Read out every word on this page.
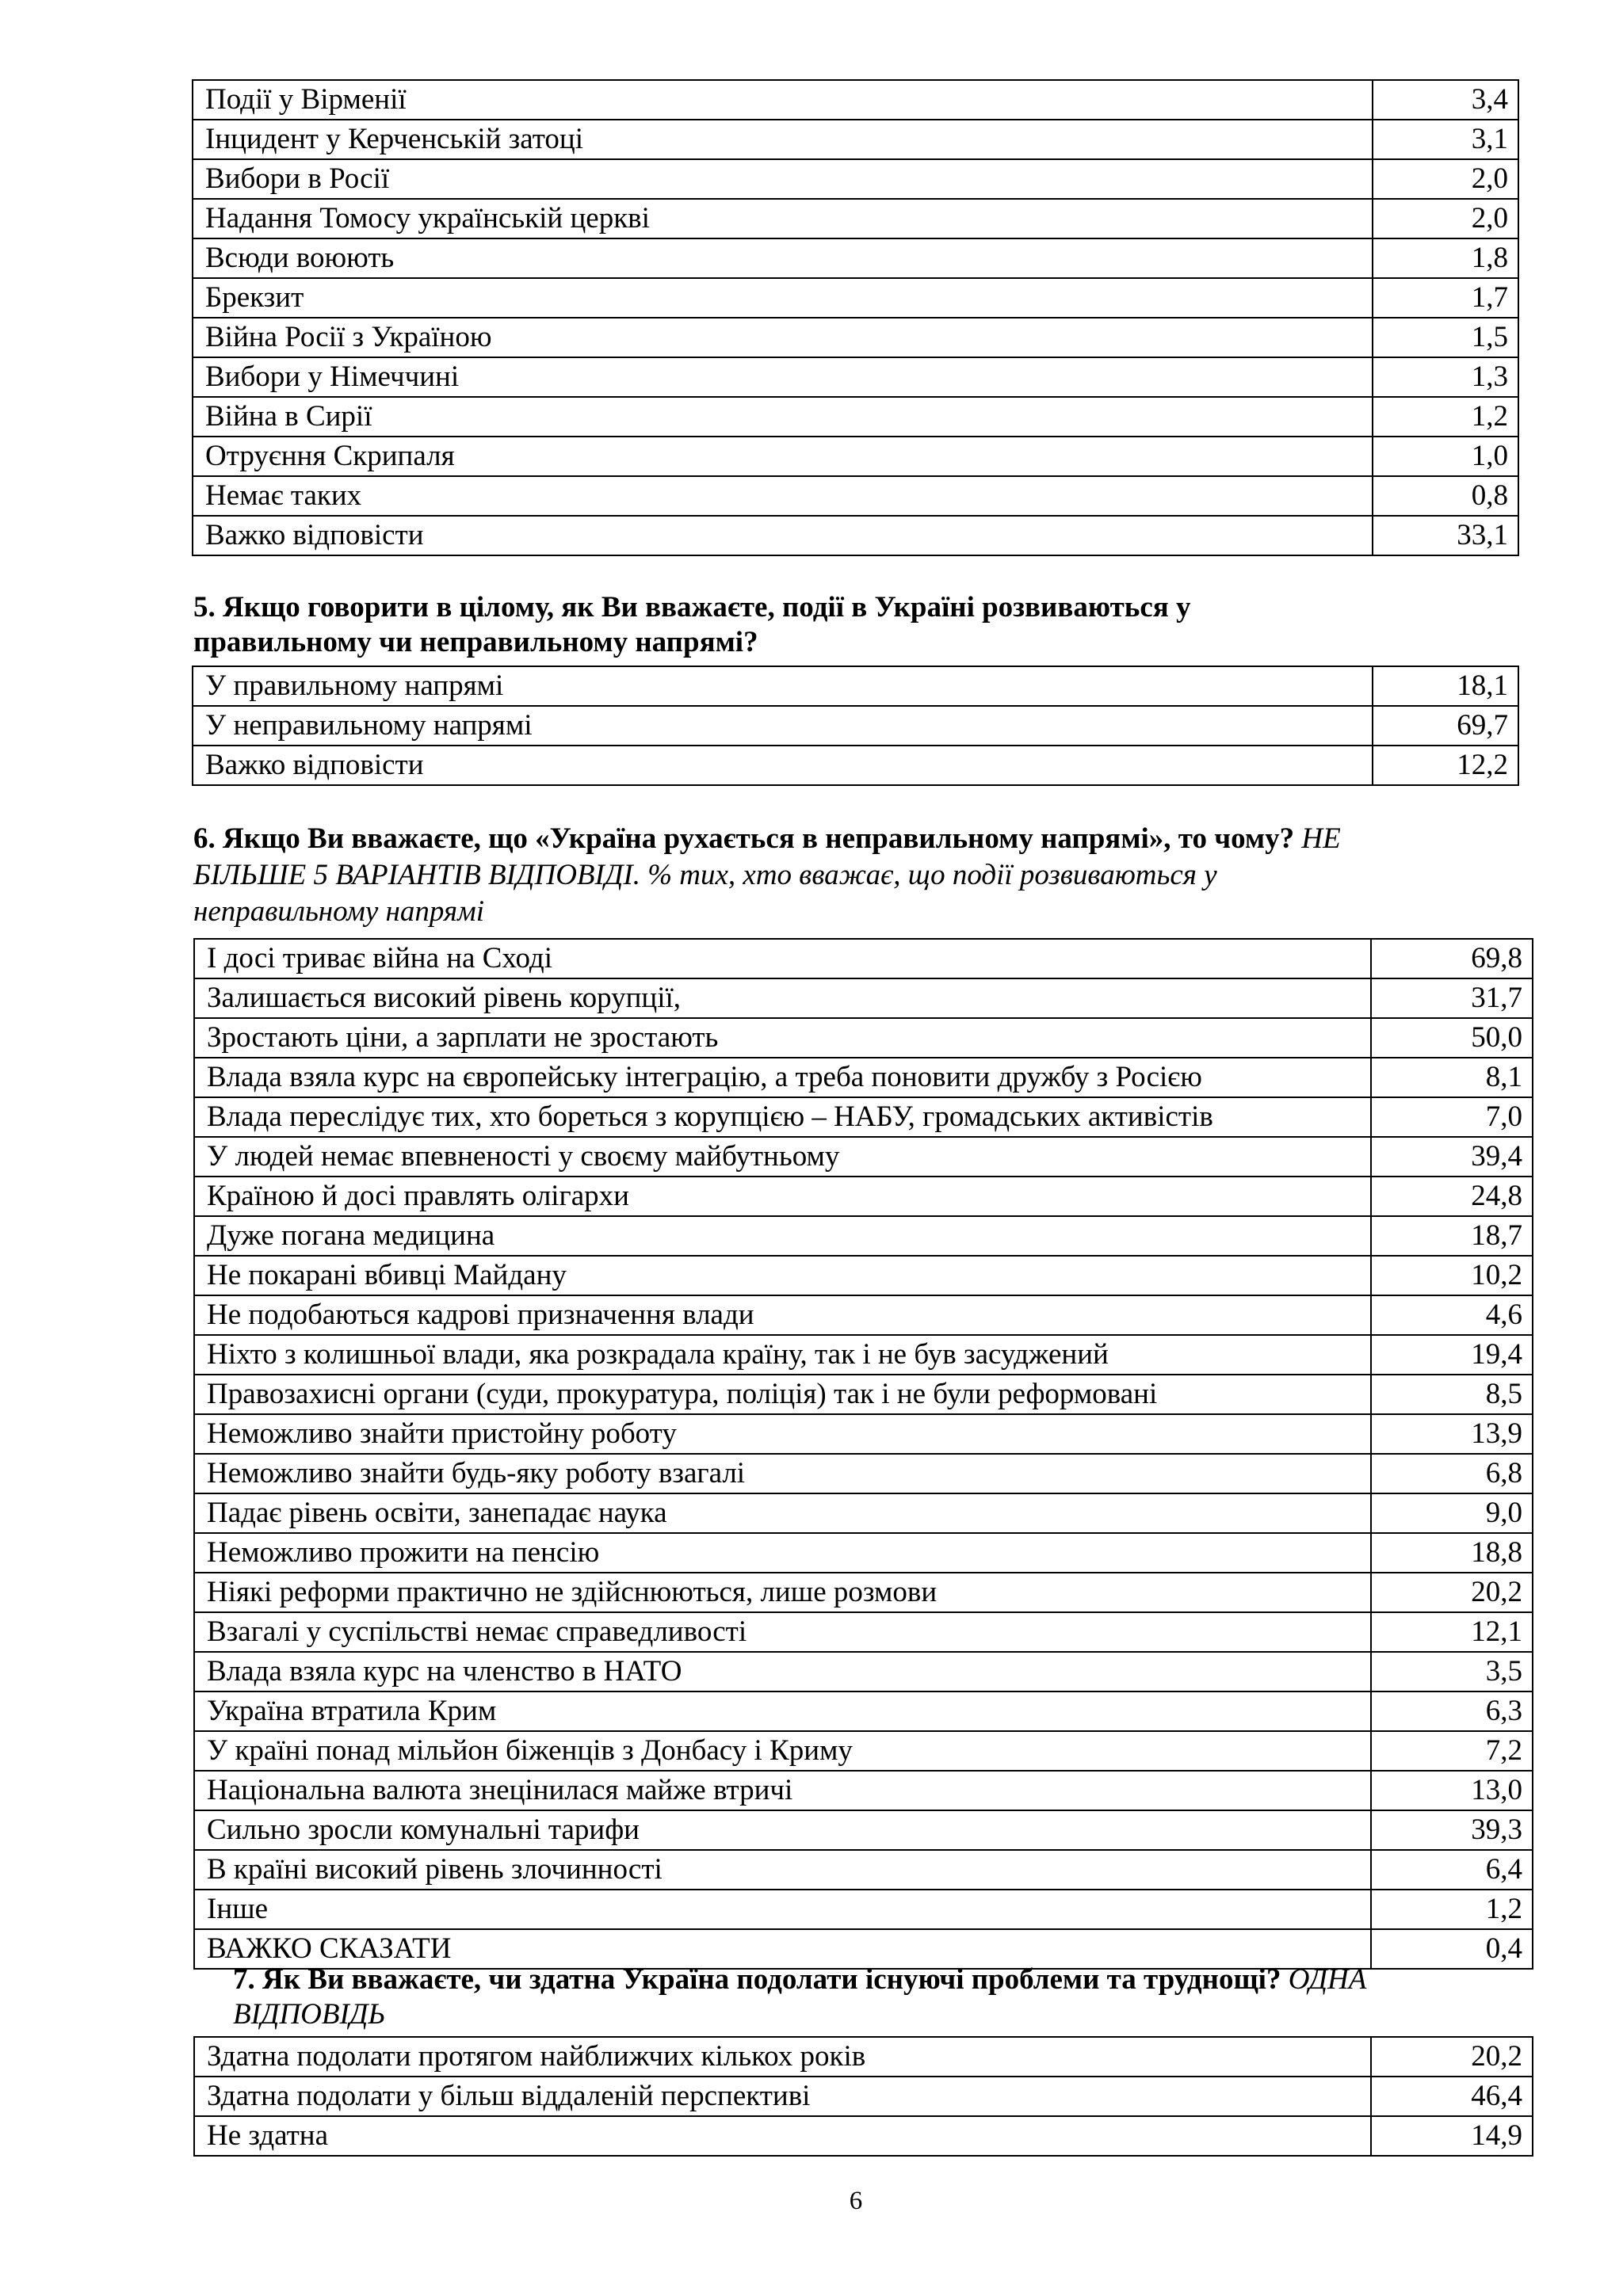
Події у Вірменії	3,4
Інцидент у Керченській затоці	3,1
Вибори в Росії	2,0
Надання Томосу українській церкві	2,0
Всюди воюють	1,8
Брекзит	1,7
Війна Росії з Україною	1,5
Вибори у Німеччині	1,3
Війна в Сирії	1,2
Отруєння Скрипаля	1,0
Немає таких	0,8
Важко відповісти	33,1
5. Якщо говорити в цілому, як Ви вважаєте, події в Україні розвиваються у
правильному чи неправильному напрямі?
У правильному напрямі	18,1
У неправильному напрямі	69,7
Важко відповісти	12,2
6. Якщо Ви вважаєте, що «Україна рухається в неправильному напрямі», то чому? НЕ
БІЛЬШЕ 5 ВАРІАНТІВ ВІДПОВІДІ. % тих, хто вважає, що події розвиваються у
неправильному напрямі
І досі триває війна на Сході	69,8
Залишається високий рівень корупції,	31,7
Зростають ціни, а зарплати не зростають	50,0
Влада взяла курс на європейську інтеграцію, а треба поновити дружбу з Росією	8,1
Влада переслідує тих, хто бореться з корупцією – НАБУ, громадських активістів	7,0
У людей немає впевненості у своєму майбутньому	39,4
Країною й досі правлять олігархи	24,8
Дуже погана медицина	18,7
Не покарані вбивці Майдану	10,2
Не подобаються кадрові призначення влади	4,6
Ніхто з колишньої влади, яка розкрадала країну, так і не був засуджений	19,4
Правозахисні органи (суди, прокуратура, поліція) так і не були реформовані	8,5
Неможливо знайти пристойну роботу	13,9
Неможливо знайти будь-яку роботу взагалі	6,8
Падає рівень освіти, занепадає наука	9,0
Неможливо прожити на пенсію	18,8
Ніякі реформи практично не здійснюються, лише розмови	20,2
Взагалі у суспільстві немає справедливості	12,1
Влада взяла курс на членство в НАТО	3,5
Україна втратила Крим	6,3
У країні понад мільйон біженців з Донбасу і Криму	7,2
Національна валюта знецінилася майже втричі	13,0
Сильно зросли комунальні тарифи	39,3
В країні високий рівень злочинності	6,4
Інше	1,2
ВАЖКО СКАЗАТИ	0,4
7. Як Ви вважаєте, чи здатна Україна подолати існуючі проблеми та труднощі? ОДНА
ВІДПОВІДЬ
Здатна подолати протягом найближчих кількох років	20,2
Здатна подолати у більш віддаленій перспективі	46,4
Не здатна	14,9
6
